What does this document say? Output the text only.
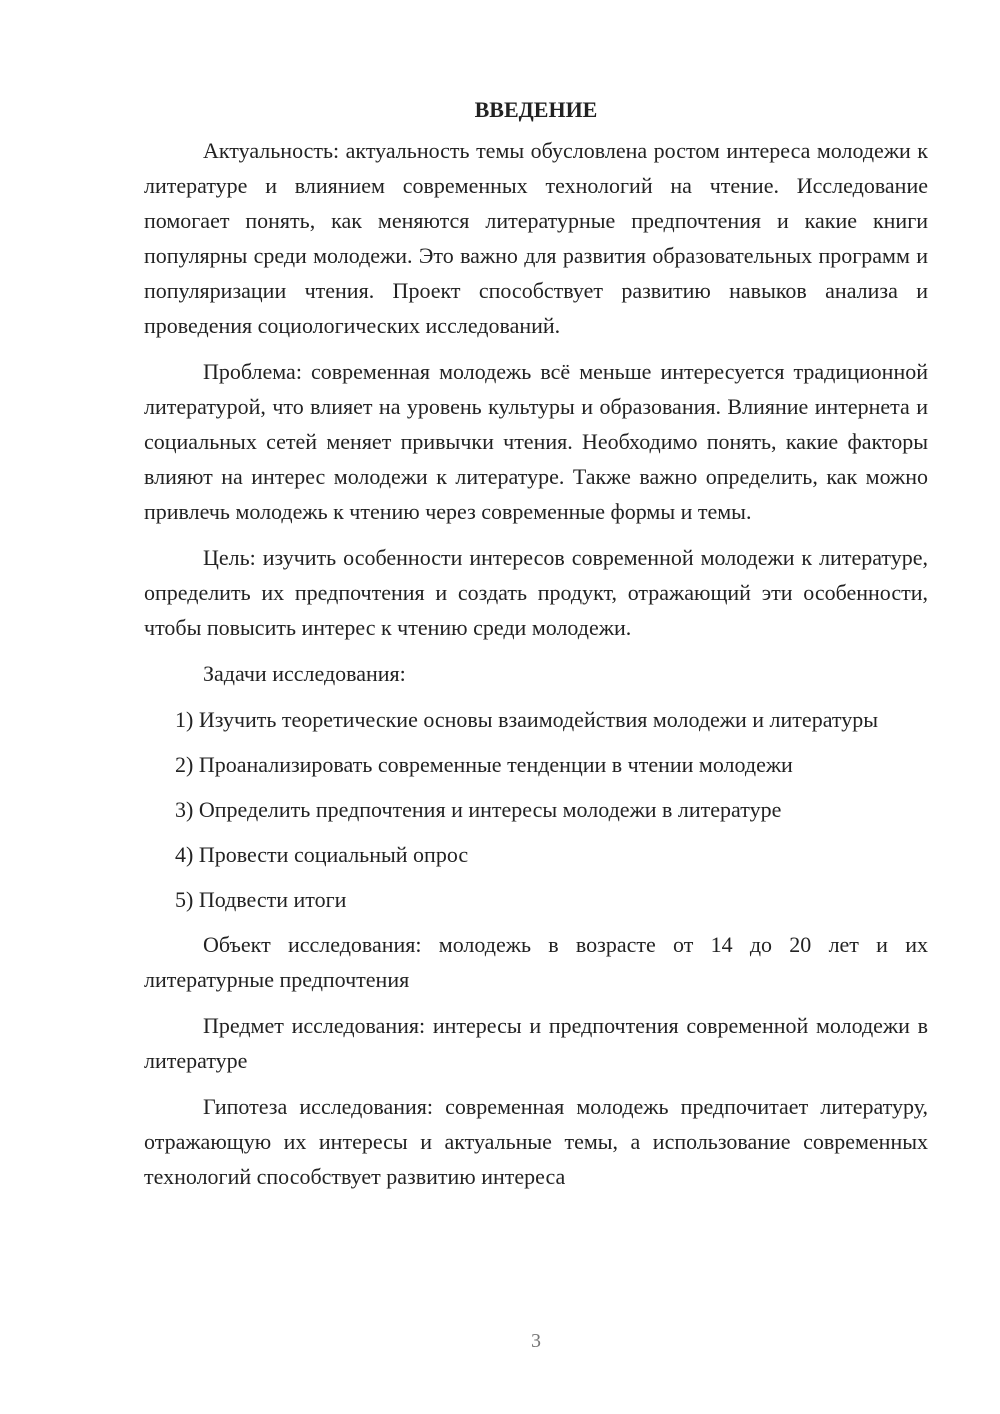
ВВЕДЕНИЕ

Актуальность: актуальность темы обусловлена ростом интереса молодежи к литературе и влиянием современных технологий на чтение. Исследование помогает понять, как меняются литературные предпочтения и какие книги популярны среди молодежи. Это важно для развития образовательных программ и популяризации чтения. Проект способствует развитию навыков анализа и проведения социологических исследований.

Проблема: современная молодежь всё меньше интересуется традиционной литературой, что влияет на уровень культуры и образования. Влияние интернета и социальных сетей меняет привычки чтения. Необходимо понять, какие факторы влияют на интерес молодежи к литературе. Также важно определить, как можно привлечь молодежь к чтению через современные формы и темы.

Цель: изучить особенности интересов современной молодежи к литературе, определить их предпочтения и создать продукт, отражающий эти особенности, чтобы повысить интерес к чтению среди молодежи.

Задачи исследования:

1) Изучить теоретические основы взаимодействия молодежи и литературы

2) Проанализировать современные тенденции в чтении молодежи

3) Определить предпочтения и интересы молодежи в литературе

4) Провести социальный опрос

5) Подвести итоги

Объект исследования: молодежь в возрасте от 14 до 20 лет и их литературные предпочтения

Предмет исследования: интересы и предпочтения современной молодежи в литературе

Гипотеза исследования: современная молодежь предпочитает литературу, отражающую их интересы и актуальные темы, а использование современных технологий способствует развитию интереса

3
